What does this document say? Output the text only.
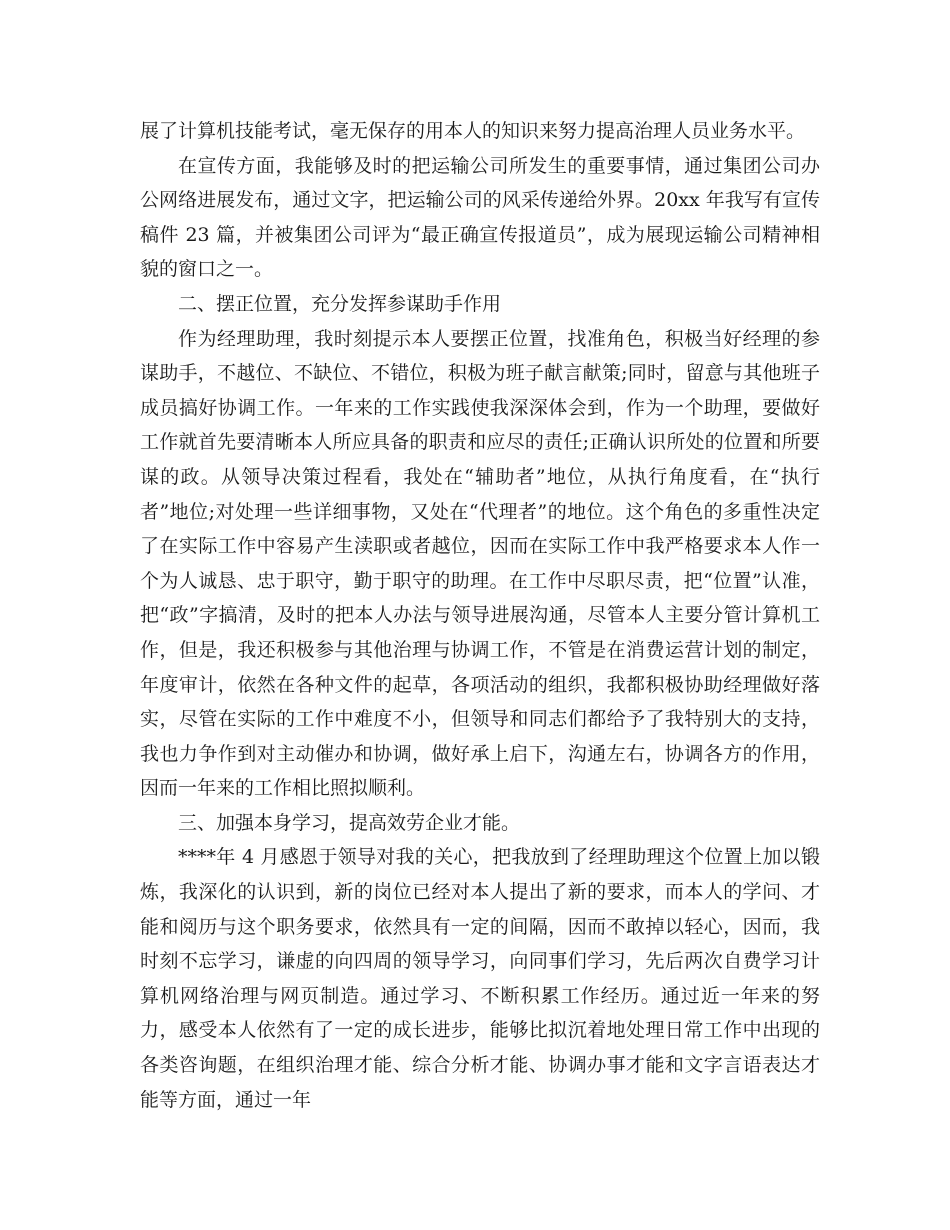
展了计算机技能考试，毫无保存的用本人的知识来努力提高治理人员业务水平。

在宣传方面，我能够及时的把运输公司所发生的重要事情，通过集团公司办公网络进展发布，通过文字，把运输公司的风采传递给外界。20xx 年我写有宣传稿件 23 篇，并被集团公司评为“最正确宣传报道员”，成为展现运输公司精神相貌的窗口之一。

二、摆正位置，充分发挥参谋助手作用

作为经理助理，我时刻提示本人要摆正位置，找准角色，积极当好经理的参谋助手，不越位、不缺位、不错位，积极为班子献言献策;同时，留意与其他班子成员搞好协调工作。一年来的工作实践使我深深体会到，作为一个助理，要做好工作就首先要清晰本人所应具备的职责和应尽的责任;正确认识所处的位置和所要谋的政。从领导决策过程看，我处在“辅助者”地位，从执行角度看，在“执行者”地位;对处理一些详细事物，又处在“代理者”的地位。这个角色的多重性决定了在实际工作中容易产生渎职或者越位，因而在实际工作中我严格要求本人作一个为人诚恳、忠于职守，勤于职守的助理。在工作中尽职尽责，把“位置”认准，把“政”字搞清，及时的把本人办法与领导进展沟通，尽管本人主要分管计算机工作，但是，我还积极参与其他治理与协调工作，不管是在消费运营计划的制定，年度审计，依然在各种文件的起草，各项活动的组织，我都积极协助经理做好落实，尽管在实际的工作中难度不小，但领导和同志们都给予了我特别大的支持，我也力争作到对主动催办和协调，做好承上启下，沟通左右，协调各方的作用，因而一年来的工作相比照拟顺利。

三、加强本身学习，提高效劳企业才能。

****年 4 月感恩于领导对我的关心，把我放到了经理助理这个位置上加以锻炼，我深化的认识到，新的岗位已经对本人提出了新的要求，而本人的学问、才能和阅历与这个职务要求，依然具有一定的间隔，因而不敢掉以轻心，因而，我时刻不忘学习，谦虚的向四周的领导学习，向同事们学习，先后两次自费学习计算机网络治理与网页制造。通过学习、不断积累工作经历。通过近一年来的努力，感受本人依然有了一定的成长进步，能够比拟沉着地处理日常工作中出现的各类咨询题，在组织治理才能、综合分析才能、协调办事才能和文字言语表达才能等方面，通过一年
